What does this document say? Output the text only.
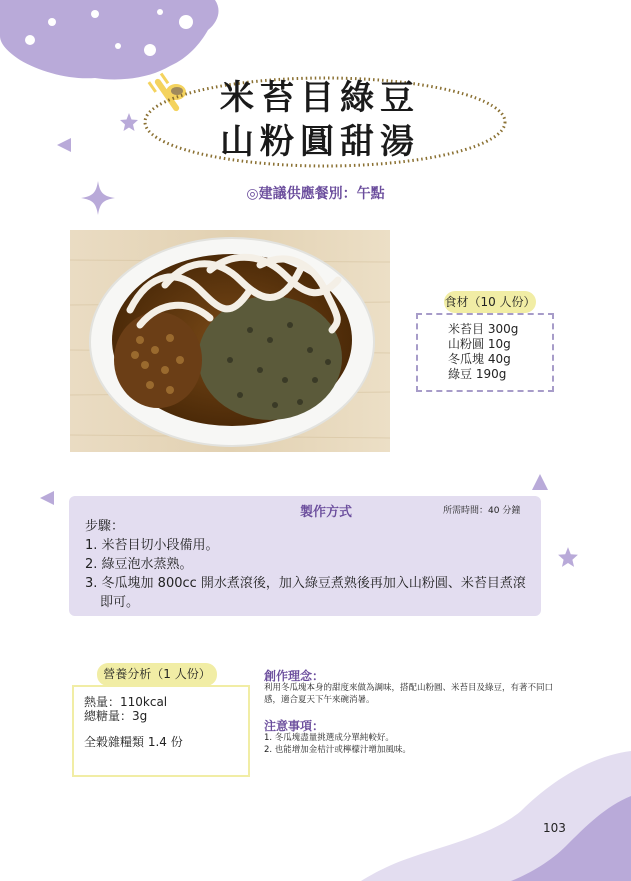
米苔目綠豆
山粉圓甜湯
◎建議供應餐別：午點
食材（10 人份）
米苔目 300g
山粉圓 10g
冬瓜塊 40g
綠豆 190g
製作方式	所需時間：40 分鐘
步驟：
1. 米苔目切小段備用。
2. 綠豆泡水蒸熟。
3. 冬瓜塊加 800cc 開水煮滾後，加入綠豆煮熟後再加入山粉圓、米苔目煮滾
即可。
營養分析（1 人份）
熱量：110kcal
總糖量：3g
全穀雜糧類 1.4 份
創作理念：
利用冬瓜塊本身的甜度來做為調味，搭配山粉圓、米苔目及綠豆，有著不同口感，適合夏天下午來碗消暑。
注意事項：
1. 冬瓜塊盡量挑選成分單純較好。
2. 也能增加金桔汁或檸檬汁增加風味。
103
